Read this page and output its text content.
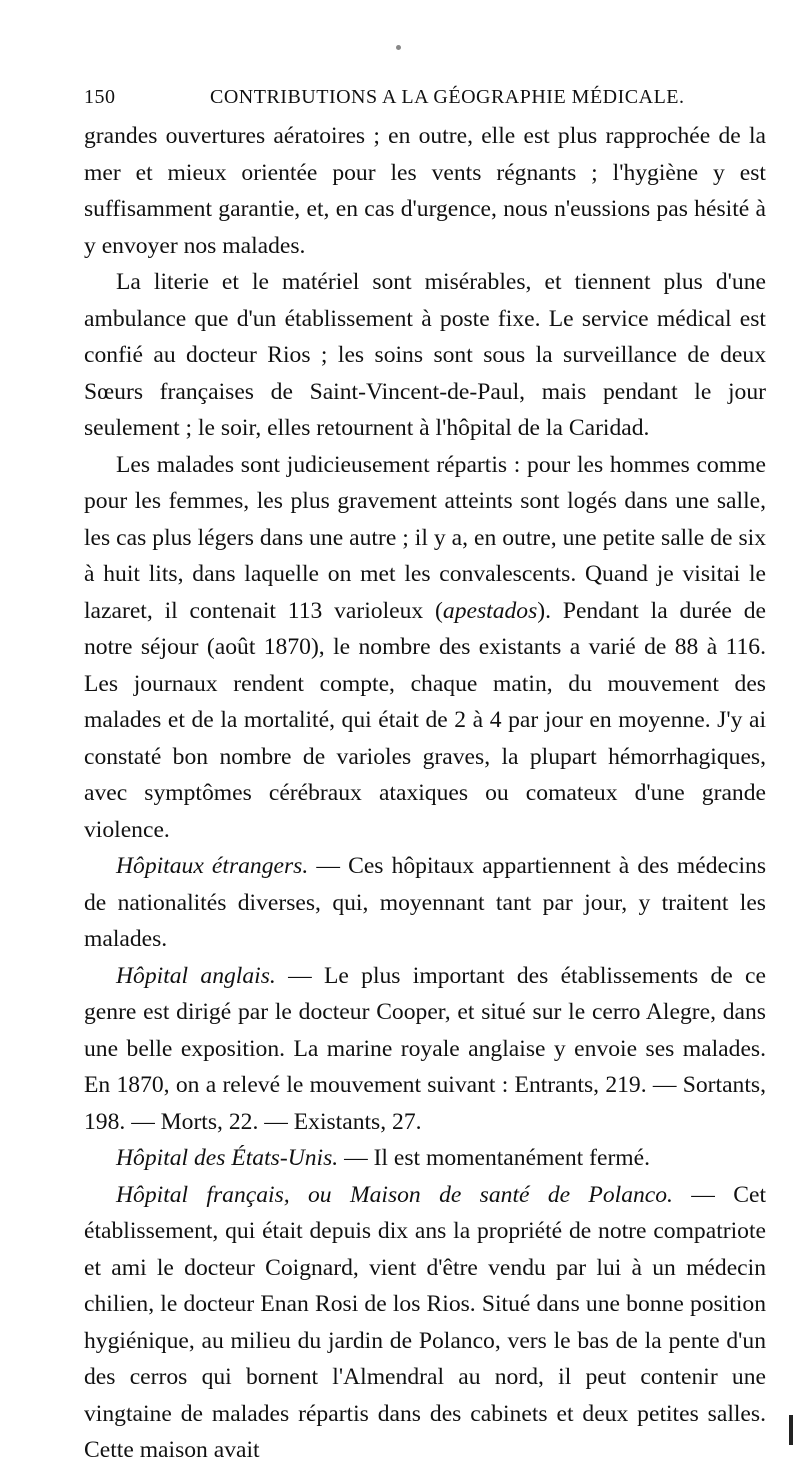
150	CONTRIBUTIONS A LA GÉOGRAPHIE MÉDICALE.

grandes ouvertures aératoires ; en outre, elle est plus rapprochée de la mer et mieux orientée pour les vents régnants ; l'hygiène y est suffisamment garantie, et, en cas d'urgence, nous n'eussions pas hésité à y envoyer nos malades.

La literie et le matériel sont misérables, et tiennent plus d'une ambulance que d'un établissement à poste fixe. Le service médical est confié au docteur Rios ; les soins sont sous la surveillance de deux Sœurs françaises de Saint-Vincent-de-Paul, mais pendant le jour seulement ; le soir, elles retournent à l'hôpital de la Caridad.

Les malades sont judicieusement répartis : pour les hommes comme pour les femmes, les plus gravement atteints sont logés dans une salle, les cas plus légers dans une autre ; il y a, en outre, une petite salle de six à huit lits, dans laquelle on met les convalescents. Quand je visitai le lazaret, il contenait 113 varioleux (apestados). Pendant la durée de notre séjour (août 1870), le nombre des existants a varié de 88 à 116. Les journaux rendent compte, chaque matin, du mouvement des malades et de la mortalité, qui était de 2 à 4 par jour en moyenne. J'y ai constaté bon nombre de varioles graves, la plupart hémorrhagiques, avec symptômes cérébraux ataxiques ou comateux d'une grande violence.

Hôpitaux étrangers. — Ces hôpitaux appartiennent à des médecins de nationalités diverses, qui, moyennant tant par jour, y traitent les malades.

Hôpital anglais. — Le plus important des établissements de ce genre est dirigé par le docteur Cooper, et situé sur le cerro Alegre, dans une belle exposition. La marine royale anglaise y envoie ses malades. En 1870, on a relevé le mouvement suivant : Entrants, 219. — Sortants, 198. — Morts, 22. — Existants, 27.

Hôpital des États-Unis. — Il est momentanément fermé.

Hôpital français, ou Maison de santé de Polanco. — Cet établissement, qui était depuis dix ans la propriété de notre compatriote et ami le docteur Coignard, vient d'être vendu par lui à un médecin chilien, le docteur Enan Rosi de los Rios. Situé dans une bonne position hygiénique, au milieu du jardin de Polanco, vers le bas de la pente d'un des cerros qui bornent l'Almendral au nord, il peut contenir une vingtaine de malades répartis dans des cabinets et deux petites salles. Cette maison avait
